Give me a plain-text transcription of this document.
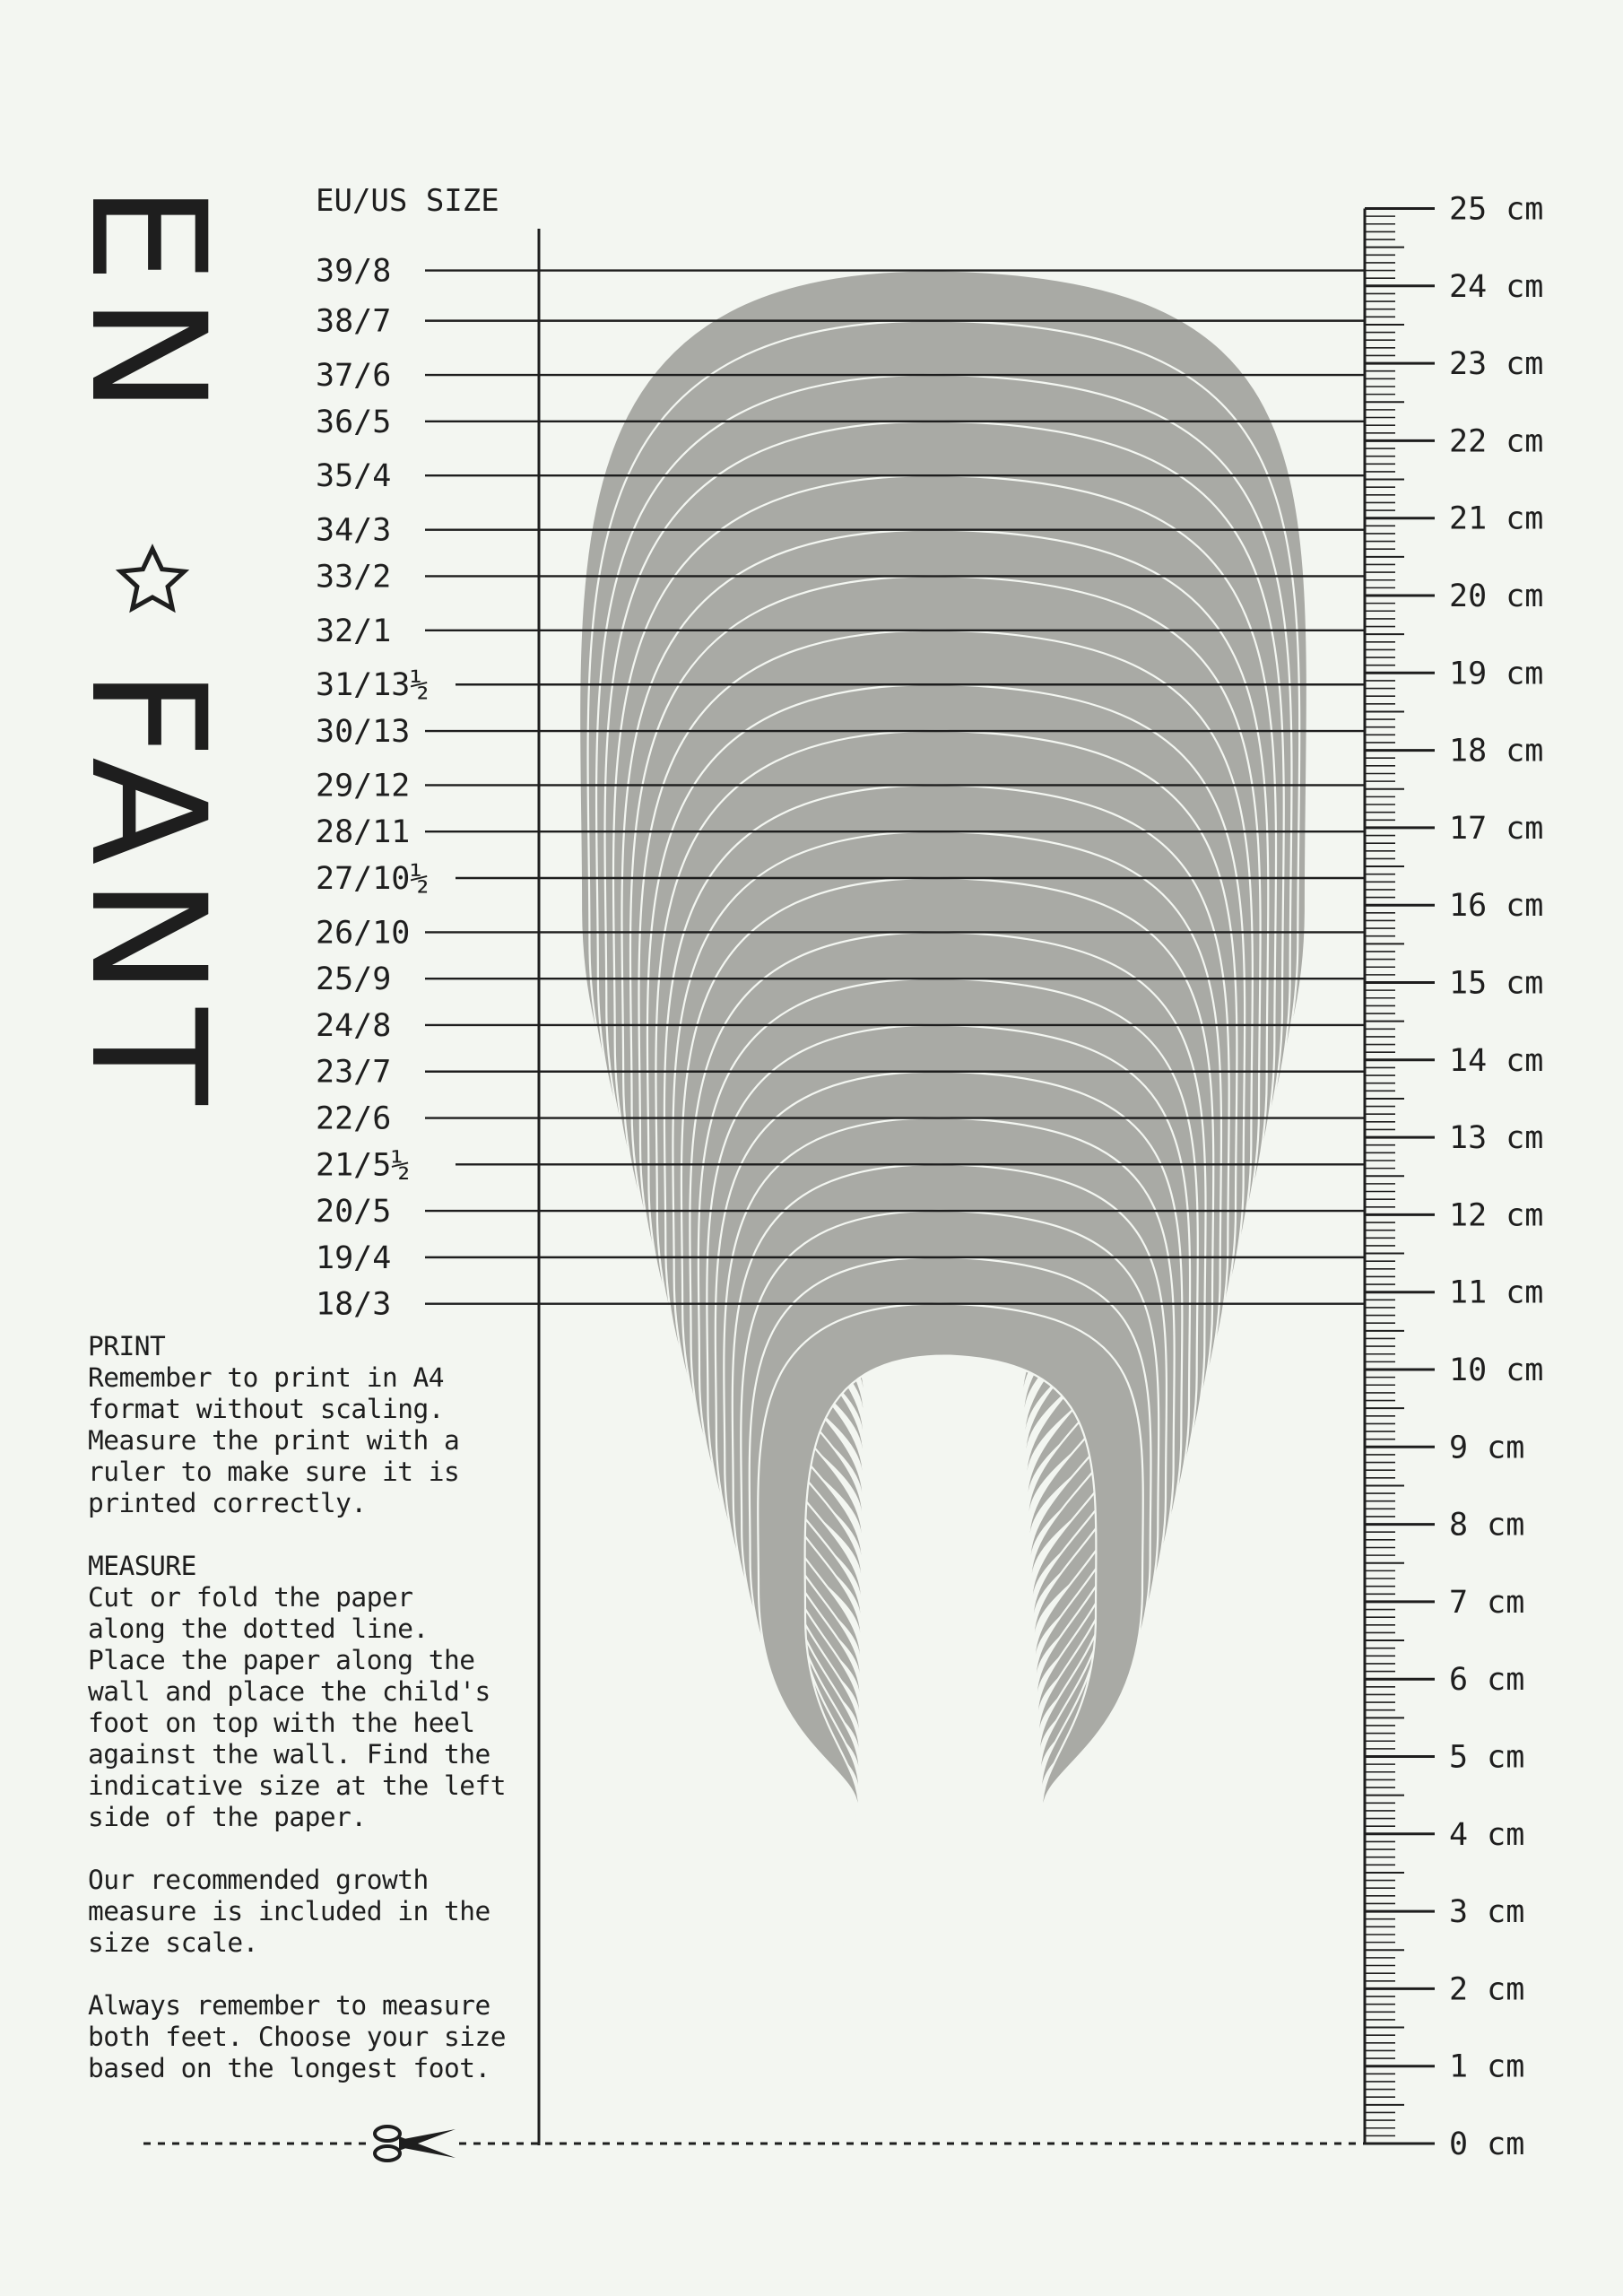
EN
FANT
EU/US SIZE
39/8
38/7
37/6
36/5
35/4
34/3
33/2
32/1
31/13½
30/13
29/12
28/11
27/10½
26/10
25/9
24/8
23/7
22/6
21/5½
20/5
19/4
18/3
25 cm
24 cm
23 cm
22 cm
21 cm
20 cm
19 cm
18 cm
17 cm
16 cm
15 cm
14 cm
13 cm
12 cm
11 cm
10 cm
9 cm
8 cm
7 cm
6 cm
5 cm
4 cm
3 cm
2 cm
1 cm
0 cm
PRINT
Remember to print in A4
format without scaling.
Measure the print with a
ruler to make sure it is
printed correctly.
MEASURE
Cut or fold the paper
along the dotted line.
Place the paper along the
wall and place the child's
foot on top with the heel
against the wall. Find the
indicative size at the left
side of the paper.
Our recommended growth
measure is included in the
size scale.
Always remember to measure
both feet. Choose your size
based on the longest foot.
